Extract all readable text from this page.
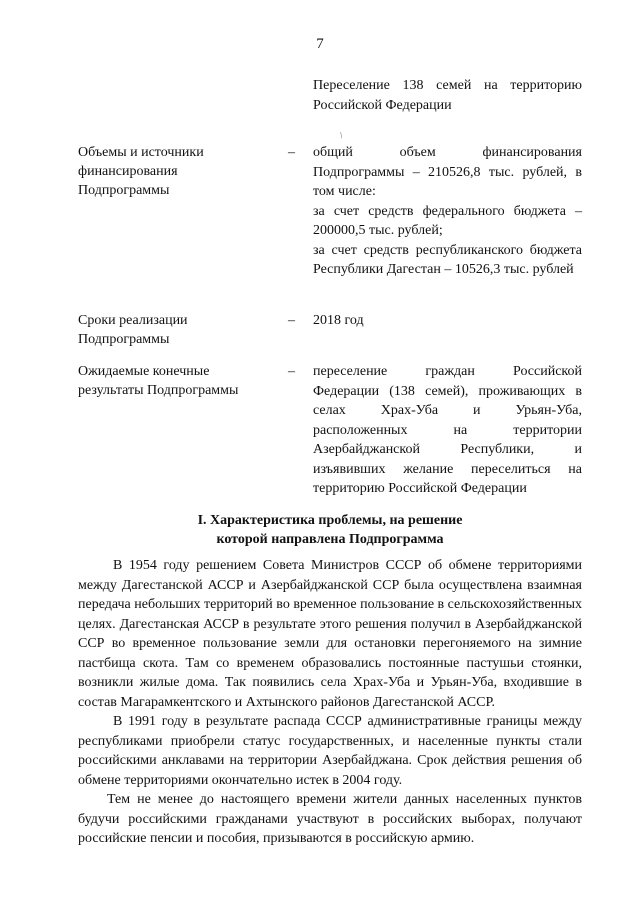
7

Переселение 138 семей на территорию Российской Федерации

/
Объемы и источники финансирования Подпрограммы
– общий объем финансирования Подпрограммы – 210526,8 тыс. рублей, в том числе:

за счет средств федерального бюджета – 200000,5 тыс. рублей;

за счет средств республиканского бюджета Республики Дагестан – 10526,3 тыс. рублей

Сроки реализации Подпрограммы
– 2018 год

Ожидаемые конечные результаты Подпрограммы
– переселение граждан Российской Федерации (138 семей), проживающих в селах Храх-Уба и Урьян-Уба, расположенных на территории Азербайджанской Республики, и изъявивших желание переселиться на территорию Российской Федерации

I. Характеристика проблемы, на решение
которой направлена Подпрограмма

В 1954 году решением Совета Министров СССР об обмене территориями между Дагестанской АССР и Азербайджанской ССР была осуществлена взаимная передача небольших территорий во временное пользование в сельскохозяйственных целях. Дагестанская АССР в результате этого решения получил в Азербайджанской ССР во временное пользование земли для остановки перегоняемого на зимние пастбища скота. Там со временем образовались постоянные пастушьи стоянки, возникли жилые дома. Так появились села Храх-Уба и Урьян-Уба, входившие в состав Магарамкентского и Ахтынского районов Дагестанской АССР.

В 1991 году в результате распада СССР административные границы между республиками приобрели статус государственных, и населенные пункты стали российскими анклавами на территории Азербайджана. Срок действия решения об обмене территориями окончательно истек в 2004 году.

Тем не менее до настоящего времени жители данных населенных пунктов будучи российскими гражданами участвуют в российских выборах, получают российские пенсии и пособия, призываются в российскую армию.
